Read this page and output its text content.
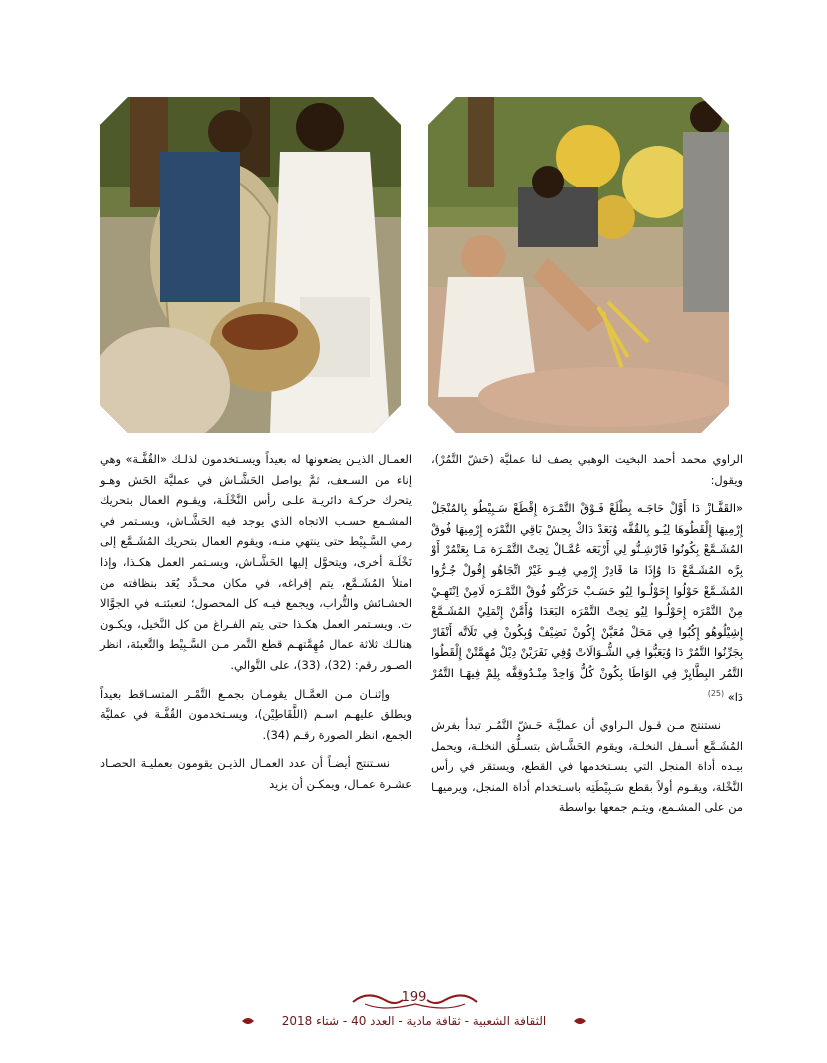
الراوي محمد أحمد البخيت الوهبي يصف لنا عمليَّة (حَشّ التَّمُرْ)، ويقول:

«القَفَّـازْ دَا أَوَّلْ حَاجَـه بِطْلَعْ فَـوْقْ التَّمْـرَة إِقْطَعْ سَـبِيْطُو بِالمُنْجَلْ إِرْمِيهَا إِلْقَطُوهَا لِيُـو بِالقُفَّه وُبَعَدْ دَاكْ بِحِشْ بَاقِي التَّمْرَه إِرْمِيهَا فُوقْ المُشَـمَّعْ بِكُونُوا فَارْشِـنُّو لِي أَرْبَعَه عُمَّـالْ تِحِتْ التَّمْـرَة مَـا بِعَتْمُرْ أَوْ بِرَّه المُشَـمَّعْ دَا وُإِذَا مَا قَادِرْ إِرْمِي فِيـو غَيْرْ اتِّجَاهُو إِقُولْ جُـرُّوا المُشَـمَّعْ حَوْلُوا إِحَوْلُـوا لِيُو حَسَـبْ حَرَكْتُو فُوقْ التَّمْـرَه لَامِنْ اِنْتَهِـيْ مِنْ التَّمْرَه إِحَوْلُـوا لِيُو تِحِتْ التَّمْرَه البَعَدَا وُأَمَّنْ إِتْمَلِيْ المُشَـمَّعْ إِشِيْلُوهُو إِكُبُوا فِي مَحَلْ مُعَيَّنْ إِكُونْ نَضِيْفْ وُبِكُونْ فِي تَلَاتَّه أَنْفَارْ بِجَرِّنُوا التَّمُرْ دَا وُيَعَبُّوا فِي الشُّـوَالَاتْ وُفِي نَفَرَيْنْ دِيْلْ مُهِمَّتْنْ إِلْقَطُوا التَّمُر البِطَّايِرْ فِي الوَاطَا بِكُونْ كُلُّ وَاحِدْ مِنْـدُوقِفَّه بِلِمْ فِيهَـا التَّمُرْ دَا» $^{(25)}$

نستنتج مـن قـول الـراوي أن عمليَّـة حَـشّ التَّمُـر تبدأ بفرش المُشَـمَّع أسـفل النخلـة، ويقوم الحَشَّـاش بتسـلُّق النخلـة، ويحمل بيـده أداة المنجل التي يسـتخدمها في القطع، ويستقر في رأس النَّخْلة، ويقـوم أولاً بقطع سَـبِيْطَتِه باسـتخدام أداة المنجل، ويرميهـا من على المشـمع، ويتـم جمعها بواسطة

العمـال الذيـن يضعونها له بعيداً ويسـتخدمون لذلـك «القُفَّـة» وهي إناء من السـعف، ثمَّ يواصل الحَشَّـاش في عمليَّة الحَش وهـو يتحرك حركـة دائريـة علـى رأس النَّخْلَـة، ويقـوم العمال بتحريك المشـمع حسـب الاتجاه الذي يوجد فيه الحَشَّـاش، ويسـتمر في رمي السَّـبِيْط حتى ينتهي منـه، ويقوم العمال بتحريك المُشَـمَّع إلى نَخْلَـة أخرى، ويتحوَّل إليها الحَشَّـاش، ويسـتمر العمل هكـذا، وإذا امتلأ المُشَـمَّع، يتم إفراغه، في مكان محـدَّد يُعَد بنظافته من الحشـائش والتُّراب، ويجمع فيـه كل المحصول؛ لتعبئتـه في الجوَّالا ت. ويسـتمر العمل هكـذا حتى يتم الفـراغ من كل النَّخيل، ويكـون هنالـك ثلاثة عمال مُهِمَّتهـم قطع التَّمر مـن السَّـبِيْط والتَّعبئة، انظر الصـور رقم: (32)، (33)، على التَّوالي.

وإثنـان مـن العمَّـال يقومـان بجمـع التَّمْـر المتسـاقط بعيداً ويطلق عليهـم اسـم (اللَّقَاطِيْن)، ويسـتخدمون القُفَّـة في عمليَّة الجمع، انظر الصورة رقـم (34).

نسـتنتج أيضـاً أن عدد العمـال الذيـن يقومون بعمليـة الحصـاد عشـرة عمـال، ويمكـن أن يزيد

199
الثقافة الشعبية - ثقافة مادية - العدد 40 - شتاء 2018
